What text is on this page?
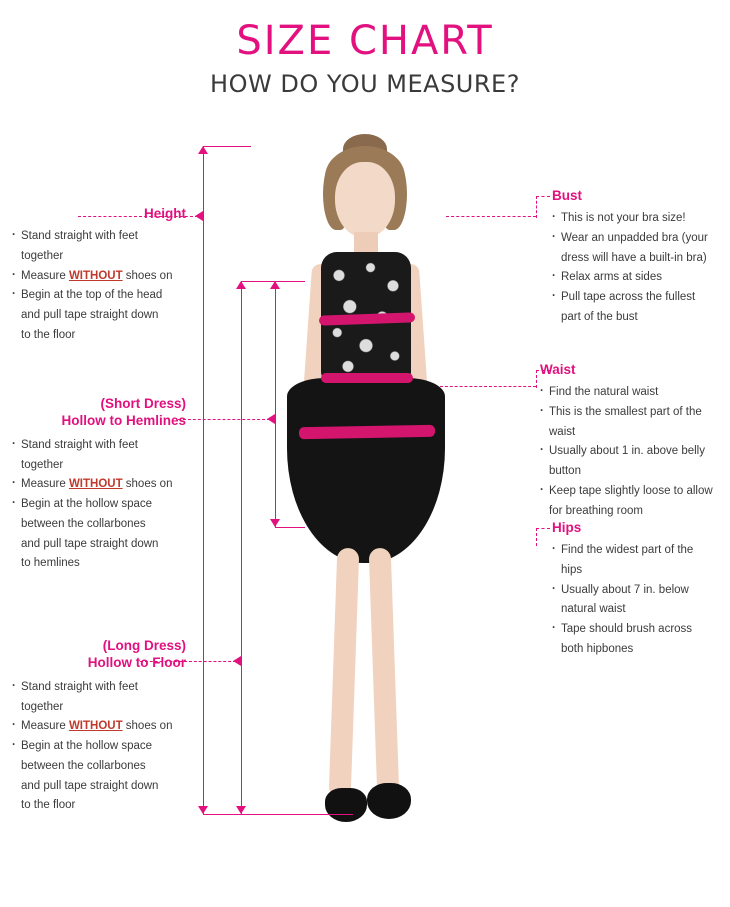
SIZE CHART
HOW DO YOU MEASURE?
Height
· Stand straight with feet
together
· Measure WITHOUT shoes on
· Begin at the top of the head
and pull tape straight down
to the floor
(Short Dress)
Hollow to Hemlines
· Stand straight with feet
together
· Measure WITHOUT shoes on
· Begin at the hollow space
between the collarbones
and pull tape straight down
to hemlines
(Long Dress)
Hollow to Floor
· Stand straight with feet
together
· Measure WITHOUT shoes on
· Begin at the hollow space
between the collarbones
and pull tape straight down
to the floor
Bust
· This is not your bra size!
· Wear an unpadded bra (your
dress will have a built-in bra)
· Relax arms at sides
· Pull tape across the fullest
part of the bust
Waist
· Find the natural waist
· This is the smallest part of the
waist
· Usually about 1 in. above belly
button
· Keep tape slightly loose to allow
for breathing room
Hips
· Find the widest part of the
hips
· Usually about 7 in. below
natural waist
· Tape should brush across
both hipbones
